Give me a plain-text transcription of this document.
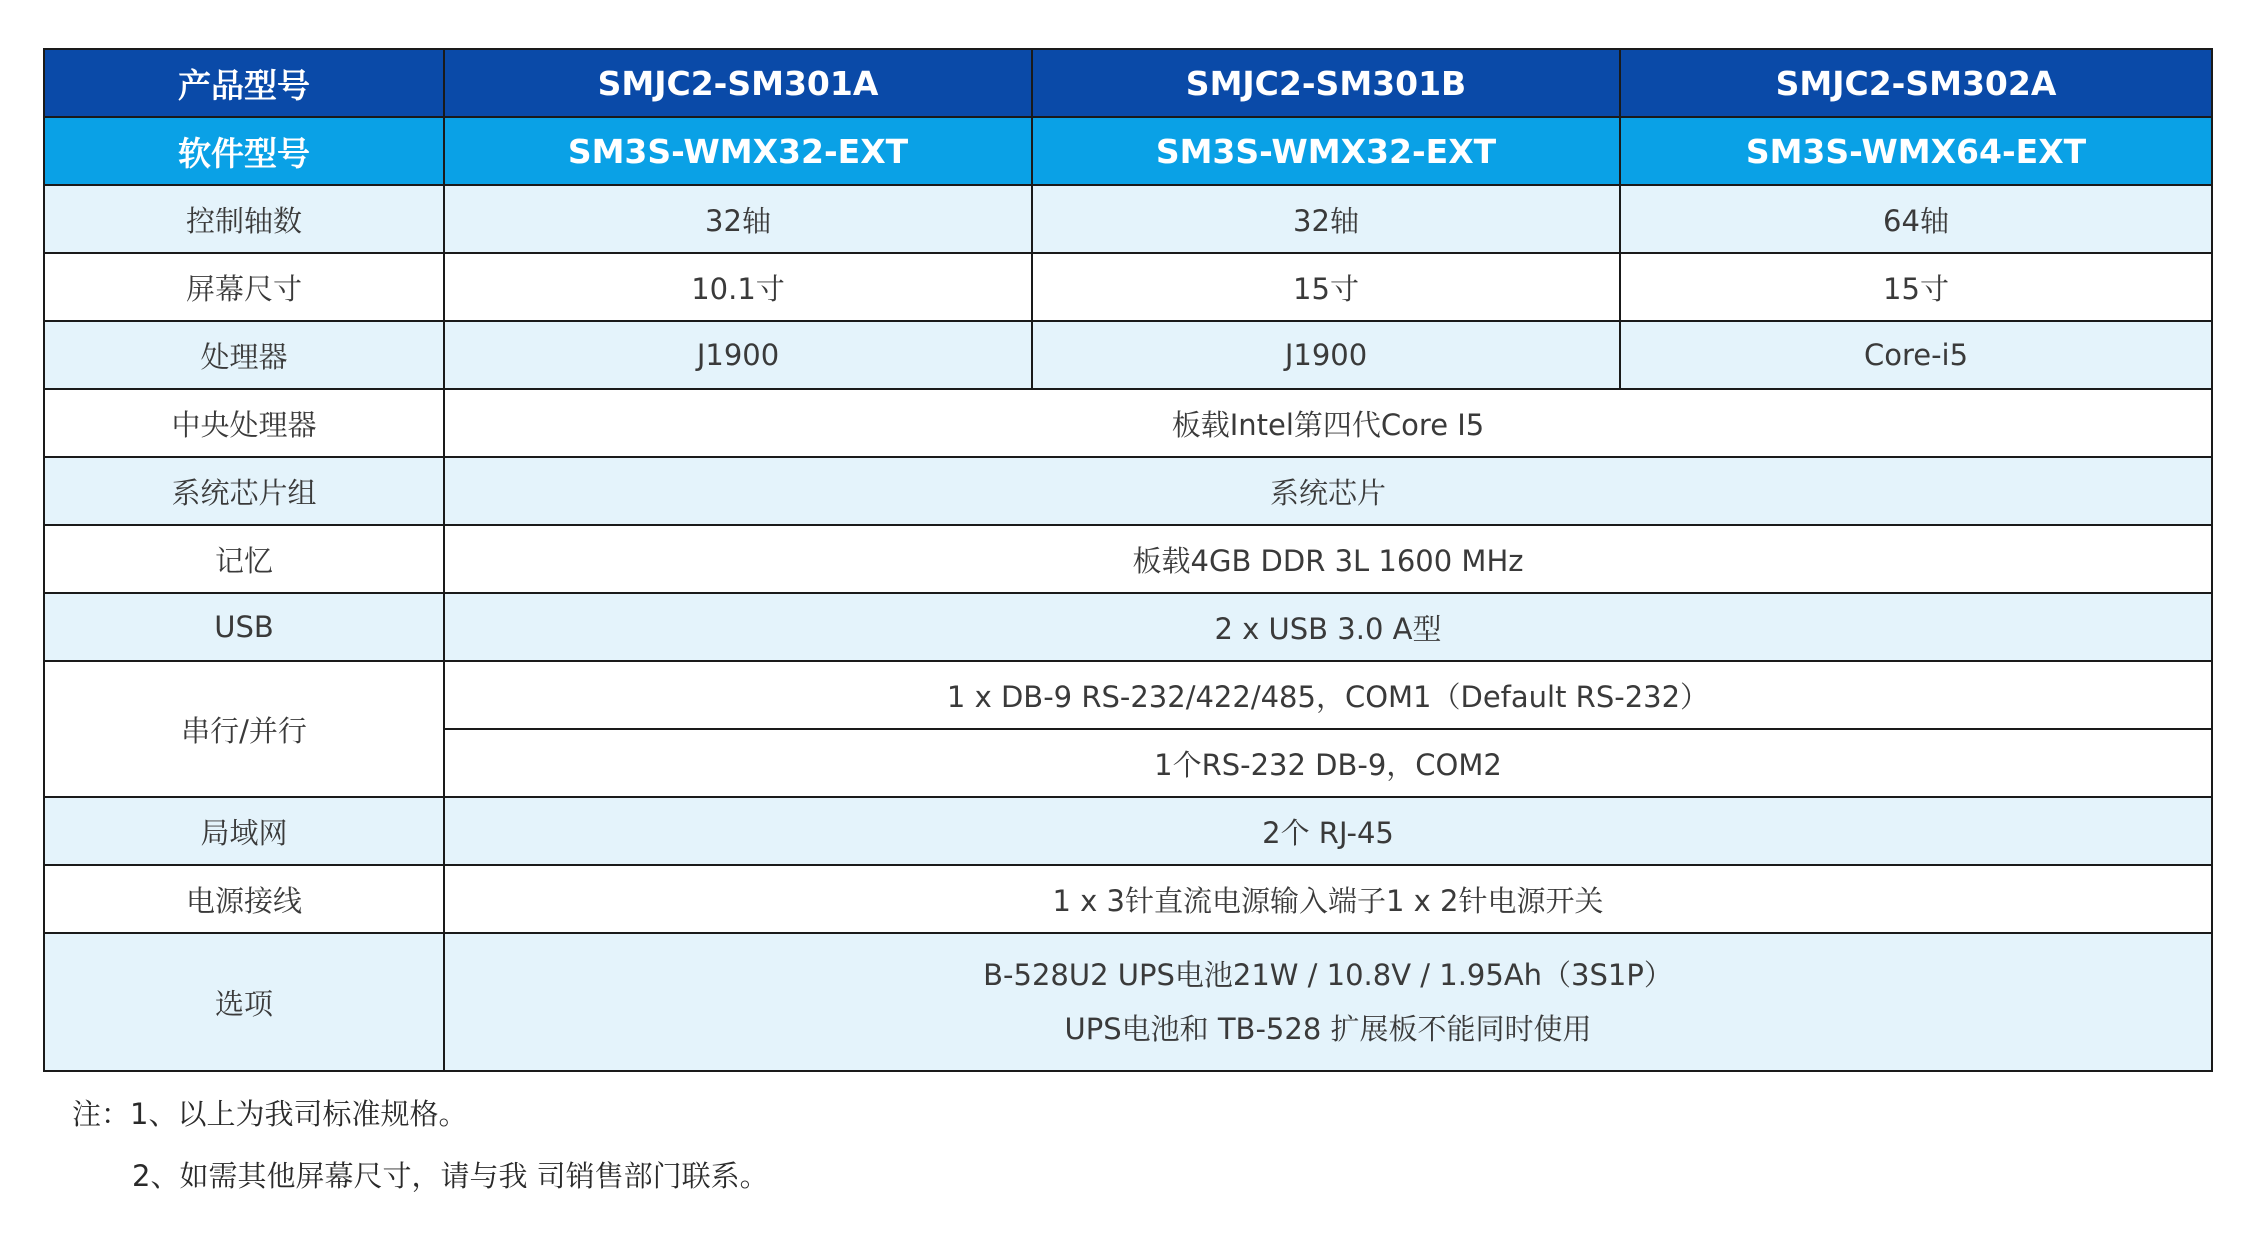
产品型号	SMJC2-SM301A	SMJC2-SM301B	SMJC2-SM302A
软件型号	SM3S-WMX32-EXT	SM3S-WMX32-EXT	SM3S-WMX64-EXT
控制轴数	32轴	32轴	64轴
屏幕尺寸	10.1寸	15寸	15寸
处理器	J1900	J1900	Core-i5
中央处理器	板载Intel第四代Core I5		
系统芯片组	系统芯片		
记忆	板载4GB DDR 3L 1600 MHz		
USB	2 x USB 3.0 A型		
串行/并行	1 x DB-9 RS-232/422/485，COM1（Default RS-232）		
	1个RS-232 DB-9，COM2		
局域网	2个 RJ-45		
电源接线	1 x 3针直流电源输入端子1 x 2针电源开关		
选项	B-528U2 UPS电池21W / 10.8V / 1.95Ah（3S1P）
UPS电池和 TB-528 扩展板不能同时使用		
注：1、以上为我司标准规格。
2、如需其他屏幕尺寸，请与我 司销售部门联系。
